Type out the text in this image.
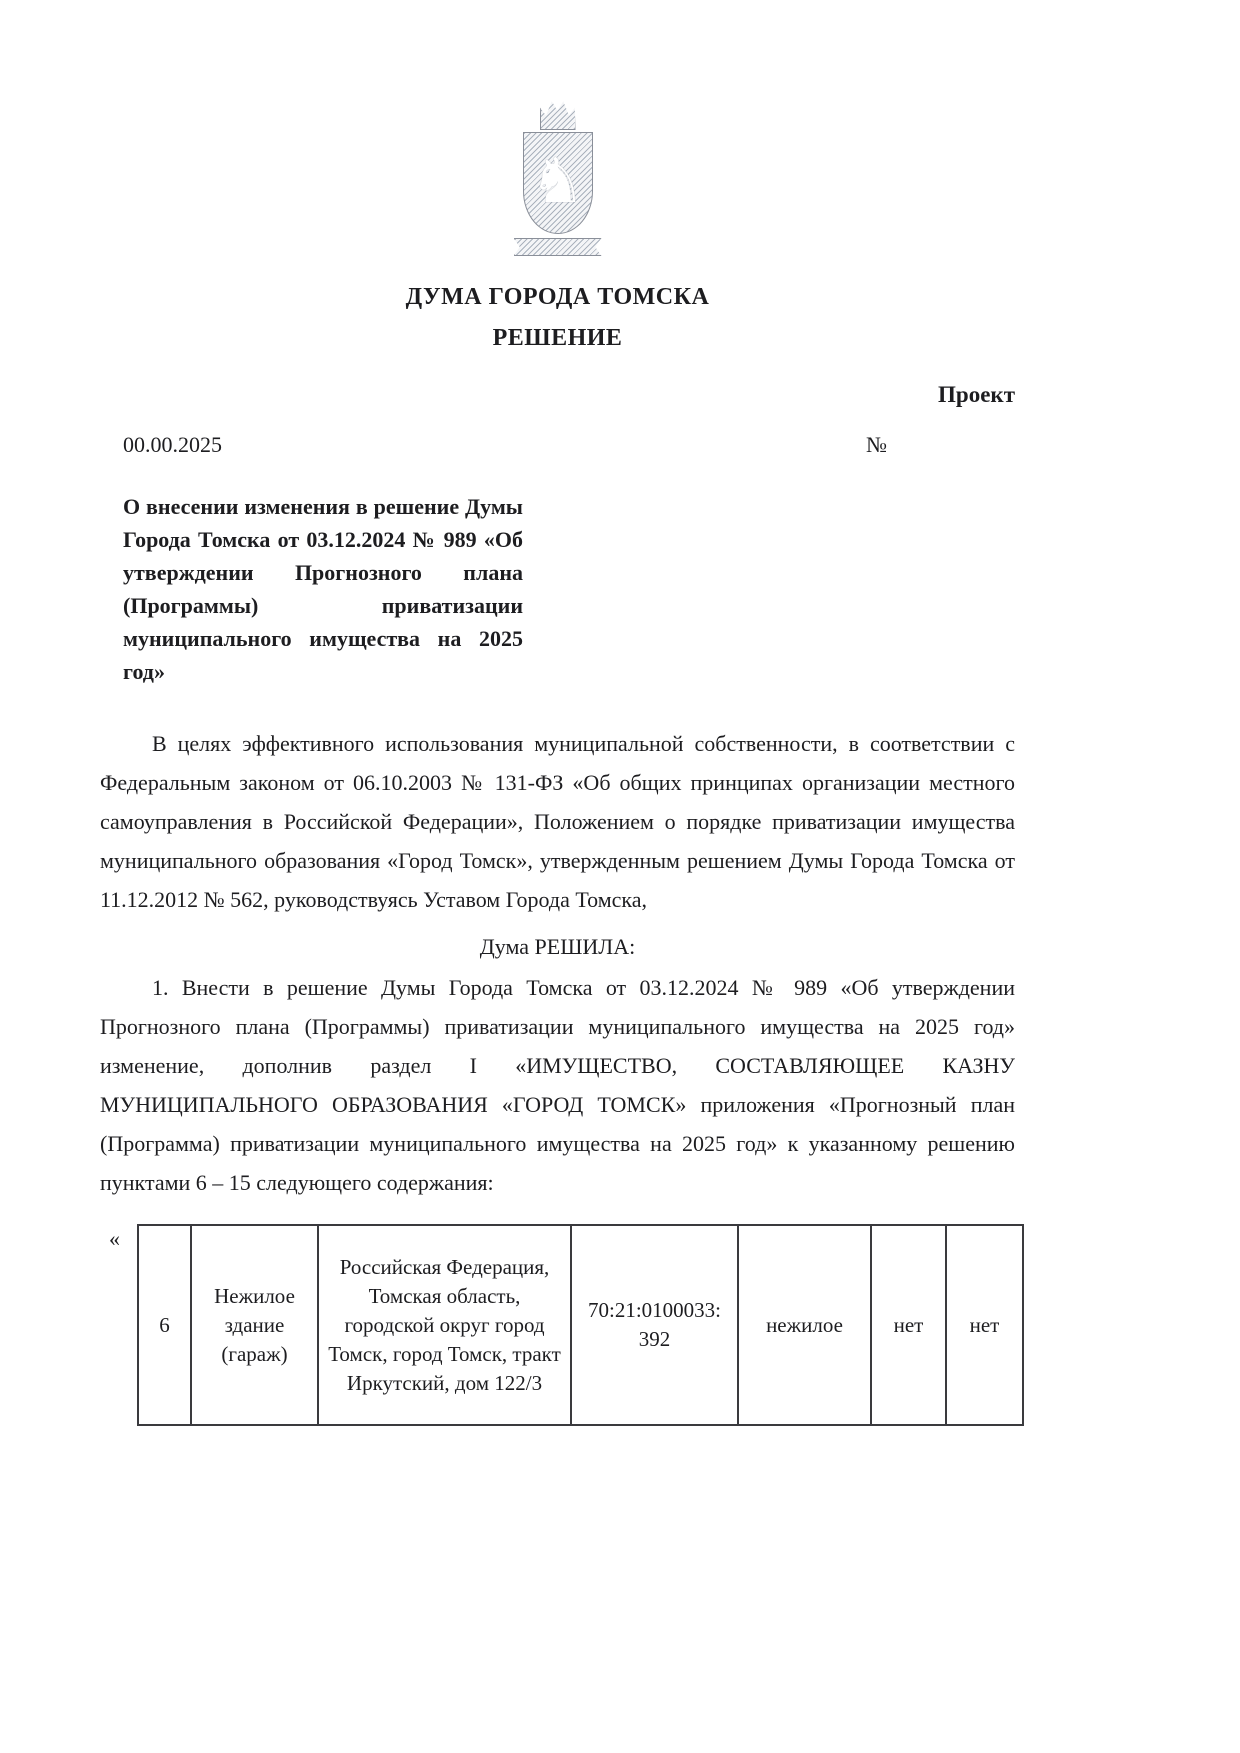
♞
ДУМА ГОРОДА ТОМСКА
РЕШЕНИЕ
Проект
00.00.2025	№
О внесении изменения в решение Думы Города Томска от 03.12.2024 № 989 «Об утверждении Прогнозного плана (Программы) приватизации муниципального имущества на 2025 год»

В целях эффективного использования муниципальной собственности, в соответствии с Федеральным законом от 06.10.2003 № 131-ФЗ «Об общих принципах организации местного самоуправления в Российской Федерации», Положением о порядке приватизации имущества муниципального образования «Город Томск», утвержденным решением Думы Города Томска от 11.12.2012 № 562, руководствуясь Уставом Города Томска,

Дума РЕШИЛА:

1. Внести в решение Думы Города Томска от 03.12.2024 № 989 «Об утверждении Прогнозного плана (Программы) приватизации муниципального имущества на 2025 год» изменение, дополнив раздел I «ИМУЩЕСТВО, СОСТАВЛЯЮЩЕЕ КАЗНУ МУНИЦИПАЛЬНОГО ОБРАЗОВАНИЯ «ГОРОД ТОМСК» приложения «Прогнозный план (Программа) приватизации муниципального имущества на 2025 год» к указанному решению пунктами 6 – 15 следующего содержания:

«
6	Нежилое здание (гараж)	Российская Федерация, Томская область, городской округ город Томск, город Томск, тракт Иркутский, дом 122/3	70:21:0100033: 392	нежилое	нет	нет
